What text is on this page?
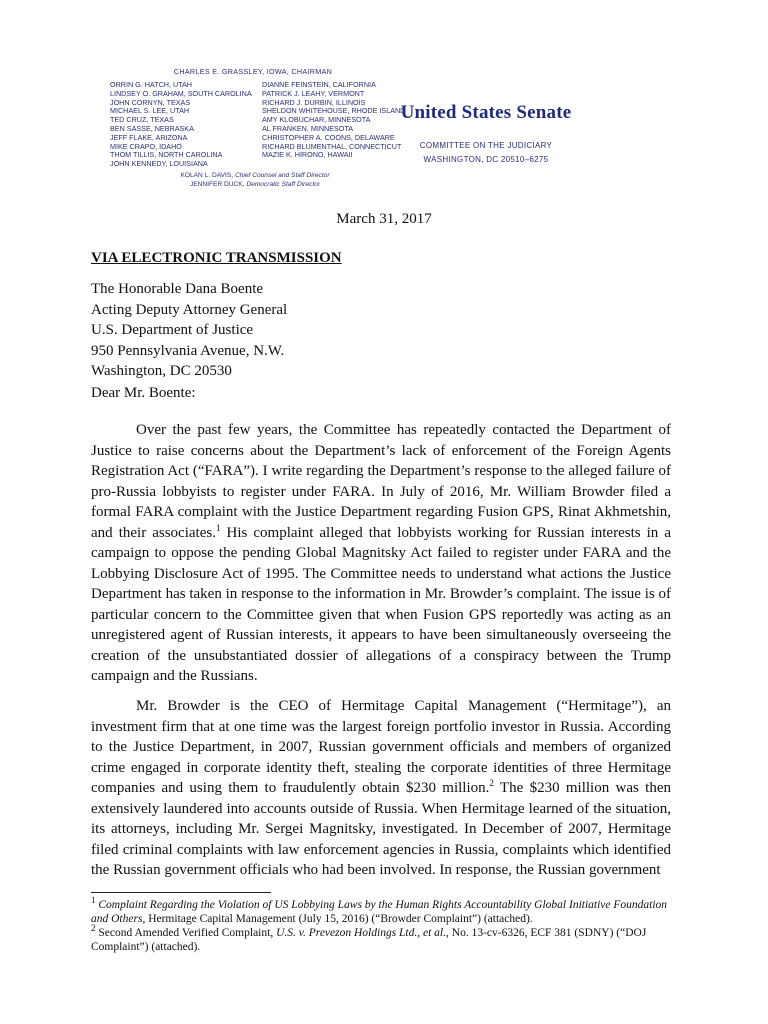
CHARLES E. GRASSLEY, IOWA, CHAIRMAN
ORRIN G. HATCH, UTAH
LINDSEY O. GRAHAM, SOUTH CAROLINA
JOHN CORNYN, TEXAS
MICHAEL S. LEE, UTAH
TED CRUZ, TEXAS
BEN SASSE, NEBRASKA
JEFF FLAKE, ARIZONA
MIKE CRAPO, IDAHO
THOM TILLIS, NORTH CAROLINA
JOHN KENNEDY, LOUISIANA
DIANNE FEINSTEIN, CALIFORNIA
PATRICK J. LEAHY, VERMONT
RICHARD J. DURBIN, ILLINOIS
SHELDON WHITEHOUSE, RHODE ISLAND
AMY KLOBUCHAR, MINNESOTA
AL FRANKEN, MINNESOTA
CHRISTOPHER A. COONS, DELAWARE
RICHARD BLUMENTHAL, CONNECTICUT
MAZIE K. HIRONO, HAWAII
KOLAN L. DAVIS, Chief Counsel and Staff Director
JENNIFER DUCK, Democratic Staff Director
United States Senate
COMMITTEE ON THE JUDICIARY
WASHINGTON, DC 20510–6275
March 31, 2017
VIA ELECTRONIC TRANSMISSION
The Honorable Dana Boente
Acting Deputy Attorney General
U.S. Department of Justice
950 Pennsylvania Avenue, N.W.
Washington, DC 20530
Dear Mr. Boente:

Over the past few years, the Committee has repeatedly contacted the Department of Justice to raise concerns about the Department’s lack of enforcement of the Foreign Agents Registration Act (“FARA”). I write regarding the Department’s response to the alleged failure of pro-Russia lobbyists to register under FARA. In July of 2016, Mr. William Browder filed a formal FARA complaint with the Justice Department regarding Fusion GPS, Rinat Akhmetshin, and their associates.$^1$ His complaint alleged that lobbyists working for Russian interests in a campaign to oppose the pending Global Magnitsky Act failed to register under FARA and the Lobbying Disclosure Act of 1995. The Committee needs to understand what actions the Justice Department has taken in response to the information in Mr. Browder’s complaint. The issue is of particular concern to the Committee given that when Fusion GPS reportedly was acting as an unregistered agent of Russian interests, it appears to have been simultaneously overseeing the creation of the unsubstantiated dossier of allegations of a conspiracy between the Trump campaign and the Russians.

Mr. Browder is the CEO of Hermitage Capital Management (“Hermitage”), an investment firm that at one time was the largest foreign portfolio investor in Russia. According to the Justice Department, in 2007, Russian government officials and members of organized crime engaged in corporate identity theft, stealing the corporate identities of three Hermitage companies and using them to fraudulently obtain $230 million.$^2$ The $230 million was then extensively laundered into accounts outside of Russia. When Hermitage learned of the situation, its attorneys, including Mr. Sergei Magnitsky, investigated. In December of 2007, Hermitage filed criminal complaints with law enforcement agencies in Russia, complaints which identified the Russian government officials who had been involved. In response, the Russian government

$^1$ Complaint Regarding the Violation of US Lobbying Laws by the Human Rights Accountability Global Initiative Foundation and Others, Hermitage Capital Management (July 15, 2016) (“Browder Complaint”) (attached).

$^2$ Second Amended Verified Complaint, U.S. v. Prevezon Holdings Ltd., et al., No. 13-cv-6326, ECF 381 (SDNY) (“DOJ Complaint”) (attached).
